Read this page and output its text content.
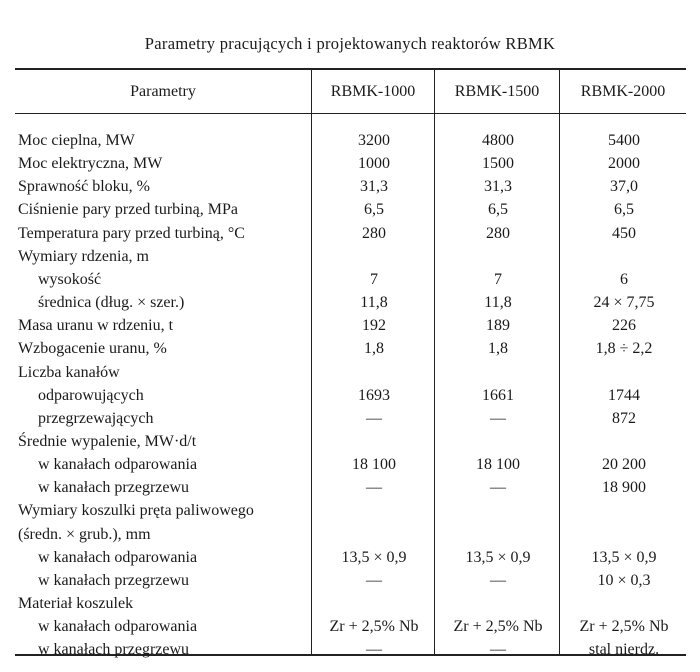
Parametry pracujących i projektowanych reaktorów RBMK
Parametry	RBMK-1000	RBMK-1500	RBMK-2000
Moc cieplna, MW	3200	4800	5400
Moc elektryczna, MW	1000	1500	2000
Sprawność bloku, %	31,3	31,3	37,0
Ciśnienie pary przed turbiną, MPa	6,5	6,5	6,5
Temperatura pary przed turbiną, °C	280	280	450
Wymiary rdzenia, m
wysokość	7	7	6
średnica (dług. × szer.)	11,8	11,8	24 × 7,75
Masa uranu w rdzeniu, t	192	189	226
Wzbogacenie uranu, %	1,8	1,8	1,8 ÷ 2,2
Liczba kanałów
odparowujących	1693	1661	1744
przegrzewających	—	—	872
Średnie wypalenie, MW·d/t
w kanałach odparowania	18 100	18 100	20 200
w kanałach przegrzewu	—	—	18 900
Wymiary koszulki pręta paliwowego
(średn. × grub.), mm
w kanałach odparowania	13,5 × 0,9	13,5 × 0,9	13,5 × 0,9
w kanałach przegrzewu	—	—	10 × 0,3
Materiał koszulek
w kanałach odparowania	Zr + 2,5% Nb	Zr + 2,5% Nb	Zr + 2,5% Nb
w kanałach przegrzewu	—	—	stal nierdz.
